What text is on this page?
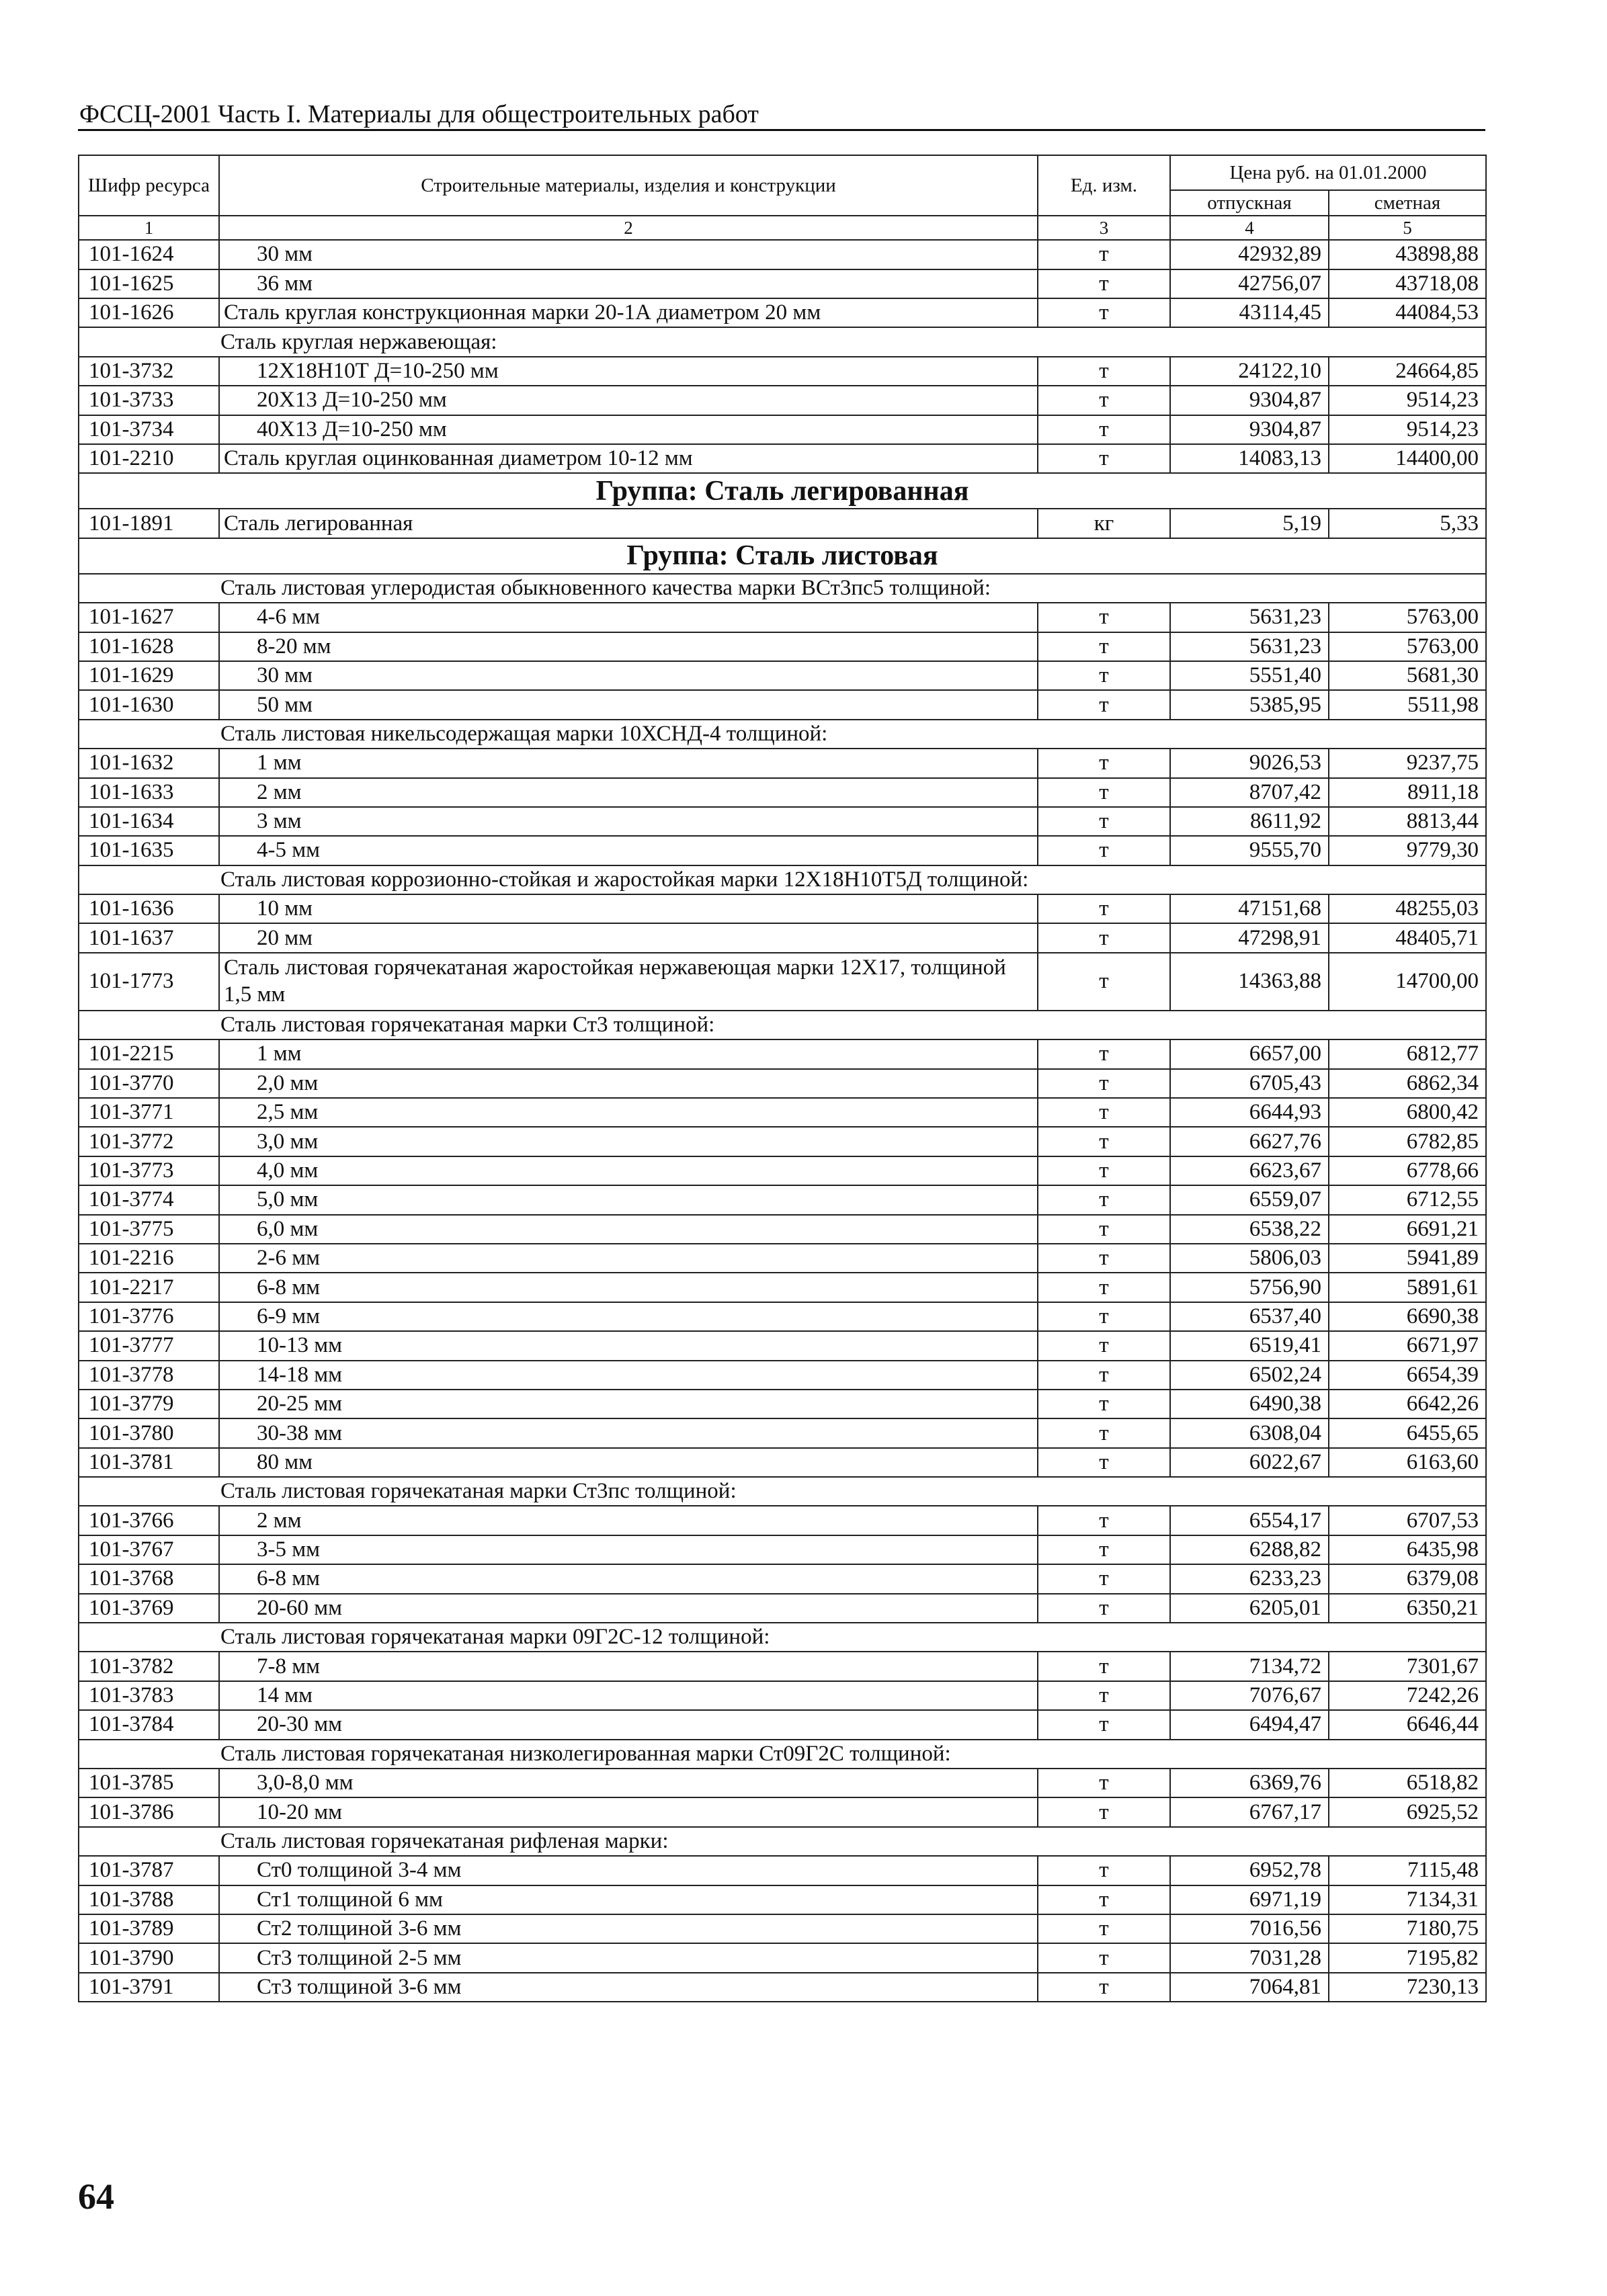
ФССЦ-2001 Часть I. Материалы для общестроительных работ
Шифр ресурса	Строительные материалы, изделия и конструкции	Ед. изм.	Цена руб. на 01.01.2000	
			отпускная	сметная
1	2	3	4	5
101-1624	30 мм	т	42932,89	43898,88
101-1625	36 мм	т	42756,07	43718,08
101-1626	Сталь круглая конструкционная марки 20-1А диаметром 20 мм	т	43114,45	44084,53
Сталь круглая нержавеющая:				
101-3732	12Х18Н10Т Д=10-250 мм	т	24122,10	24664,85
101-3733	20Х13 Д=10-250 мм	т	9304,87	9514,23
101-3734	40Х13 Д=10-250 мм	т	9304,87	9514,23
101-2210	Сталь круглая оцинкованная диаметром 10-12 мм	т	14083,13	14400,00
Группа: Сталь легированная				
101-1891	Сталь легированная	кг	5,19	5,33
Группа: Сталь листовая				
Сталь листовая углеродистая обыкновенного качества марки ВСт3пс5 толщиной:				
101-1627	4-6 мм	т	5631,23	5763,00
101-1628	8-20 мм	т	5631,23	5763,00
101-1629	30 мм	т	5551,40	5681,30
101-1630	50 мм	т	5385,95	5511,98
Сталь листовая никельсодержащая марки 10ХСНД-4 толщиной:				
101-1632	1 мм	т	9026,53	9237,75
101-1633	2 мм	т	8707,42	8911,18
101-1634	3 мм	т	8611,92	8813,44
101-1635	4-5 мм	т	9555,70	9779,30
Сталь листовая коррозионно-стойкая и жаростойкая марки 12Х18Н10Т5Д толщиной:				
101-1636	10 мм	т	47151,68	48255,03
101-1637	20 мм	т	47298,91	48405,71
101-1773	Сталь листовая горячекатаная жаростойкая нержавеющая марки 12Х17, толщиной 1,5 мм	т	14363,88	14700,00
Сталь листовая горячекатаная марки Ст3 толщиной:				
101-2215	1 мм	т	6657,00	6812,77
101-3770	2,0 мм	т	6705,43	6862,34
101-3771	2,5 мм	т	6644,93	6800,42
101-3772	3,0 мм	т	6627,76	6782,85
101-3773	4,0 мм	т	6623,67	6778,66
101-3774	5,0 мм	т	6559,07	6712,55
101-3775	6,0 мм	т	6538,22	6691,21
101-2216	2-6 мм	т	5806,03	5941,89
101-2217	6-8 мм	т	5756,90	5891,61
101-3776	6-9 мм	т	6537,40	6690,38
101-3777	10-13 мм	т	6519,41	6671,97
101-3778	14-18 мм	т	6502,24	6654,39
101-3779	20-25 мм	т	6490,38	6642,26
101-3780	30-38 мм	т	6308,04	6455,65
101-3781	80 мм	т	6022,67	6163,60
Сталь листовая горячекатаная марки Ст3пс толщиной:				
101-3766	2 мм	т	6554,17	6707,53
101-3767	3-5 мм	т	6288,82	6435,98
101-3768	6-8 мм	т	6233,23	6379,08
101-3769	20-60 мм	т	6205,01	6350,21
Сталь листовая горячекатаная марки 09Г2С-12 толщиной:				
101-3782	7-8 мм	т	7134,72	7301,67
101-3783	14 мм	т	7076,67	7242,26
101-3784	20-30 мм	т	6494,47	6646,44
Сталь листовая горячекатаная низколегированная марки Ст09Г2С толщиной:				
101-3785	3,0-8,0 мм	т	6369,76	6518,82
101-3786	10-20 мм	т	6767,17	6925,52
Сталь листовая горячекатаная рифленая марки:				
101-3787	Ст0 толщиной 3-4 мм	т	6952,78	7115,48
101-3788	Ст1 толщиной 6 мм	т	6971,19	7134,31
101-3789	Ст2 толщиной 3-6 мм	т	7016,56	7180,75
101-3790	Ст3 толщиной 2-5 мм	т	7031,28	7195,82
101-3791	Ст3 толщиной 3-6 мм	т	7064,81	7230,13
64
